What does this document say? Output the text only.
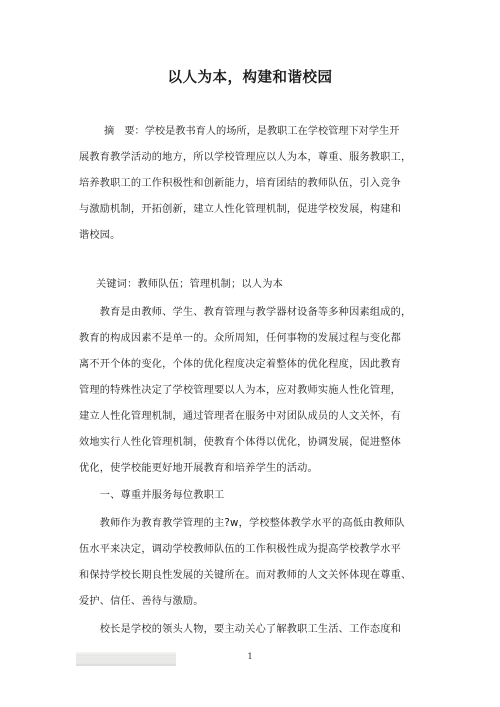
以人为本，构建和谐校园
摘　要：学校是教书育人的场所，是教职工在学校管理下对学生开
展教育教学活动的地方，所以学校管理应以人为本，尊重、服务教职工，
培养教职工的工作积极性和创新能力，培育团结的教师队伍，引入竞争
与激励机制，开拓创新，建立人性化管理机制，促进学校发展，构建和
谐校园。
关键词：教师队伍；管理机制；以人为本
　　教育是由教师、学生、教育管理与教学器材设备等多种因素组成的，
教育的构成因素不是单一的。众所周知，任何事物的发展过程与变化都
离不开个体的变化，个体的优化程度决定着整体的优化程度，因此教育
管理的特殊性决定了学校管理要以人为本，应对教师实施人性化管理，
建立人性化管理机制，通过管理者在服务中对团队成员的人文关怀，有
效地实行人性化管理机制，使教育个体得以优化，协调发展，促进整体
优化，使学校能更好地开展教育和培养学生的活动。
　　一、尊重并服务每位教职工
　　教师作为教育教学管理的主?w，学校整体教学水平的高低由教师队
伍水平来决定，调动学校教师队伍的工作积极性成为提高学校教学水平
和保持学校长期良性发展的关键所在。而对教师的人文关怀体现在尊重、
爱护、信任、善待与激励。
　　校长是学校的领头人物，要主动关心了解教职工生活、工作态度和
1
